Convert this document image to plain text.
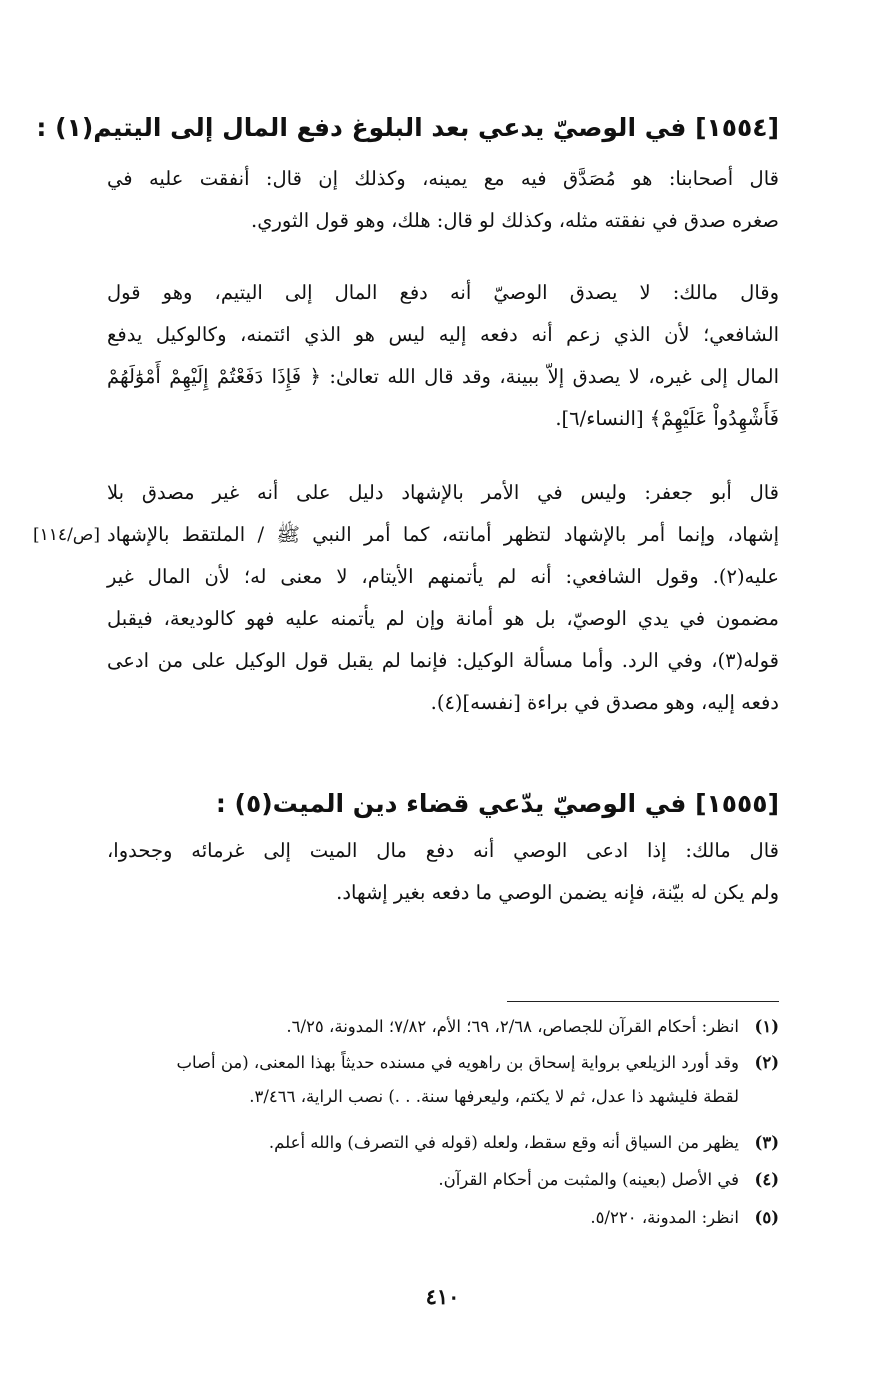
[١٥٥٤] في الوصيّ يدعي بعد البلوغ دفع المال إلى اليتيم(١) :
قال أصحابنا: هو مُصَدَّق فيه مع يمينه، وكذلك إن قال: أنفقت عليه في
صغره صدق في نفقته مثله، وكذلك لو قال: هلك، وهو قول الثوري.
وقال مالك: لا يصدق الوصيّ أنه دفع المال إلى اليتيم، وهو قول
الشافعي؛ لأن الذي زعم أنه دفعه إليه ليس هو الذي ائتمنه، وكالوكيل يدفع
المال إلى غيره، لا يصدق إلاّ ببينة، وقد قال الله تعالىٰ: ﴿ فَإِذَا دَفَعْتُمْ إِلَيْهِمْ أَمْوَٰلَهُمْ
فَأَشْهِدُواْ عَلَيْهِمْ﴾ [النساء/٦].
قال أبو جعفر: وليس في الأمر بالإشهاد دليل على أنه غير مصدق بلا
إشهاد، وإنما أمر بالإشهاد لتظهر أمانته، كما أمر النبي ﷺ / الملتقط بالإشهاد
عليه(٢). وقول الشافعي: أنه لم يأتمنهم الأيتام، لا معنى له؛ لأن المال غير
مضمون في يدي الوصيّ، بل هو أمانة وإن لم يأتمنه عليه فهو كالوديعة، فيقبل
قوله(٣)، وفي الرد. وأما مسألة الوكيل: فإنما لم يقبل قول الوكيل على من ادعى
دفعه إليه، وهو مصدق في براءة [نفسه](٤).
[ص/١١٤]
[١٥٥٥] في الوصيّ يدّعي قضاء دين الميت(٥) :
قال مالك: إذا ادعى الوصي أنه دفع مال الميت إلى غرمائه وجحدوا،
ولم يكن له بيّنة، فإنه يضمن الوصي ما دفعه بغير إشهاد.
(١)انظر: أحكام القرآن للجصاص، ٢/٦٨، ٦٩؛ الأم، ٧/٨٢؛ المدونة، ٦/٢٥.
(٢)وقد أورد الزيلعي برواية إسحاق بن راهويه في مسنده حديثاً بهذا المعنى، (من أصاب
لقطة فليشهد ذا عدل، ثم لا يكتم، وليعرفها سنة. . .) نصب الراية، ٣/٤٦٦.
(٣)يظهر من السياق أنه وقع سقط، ولعله (قوله في التصرف) والله أعلم.
(٤)في الأصل (بعينه) والمثبت من أحكام القرآن.
(٥)انظر: المدونة، ٥/٢٢٠.
٤١٠
